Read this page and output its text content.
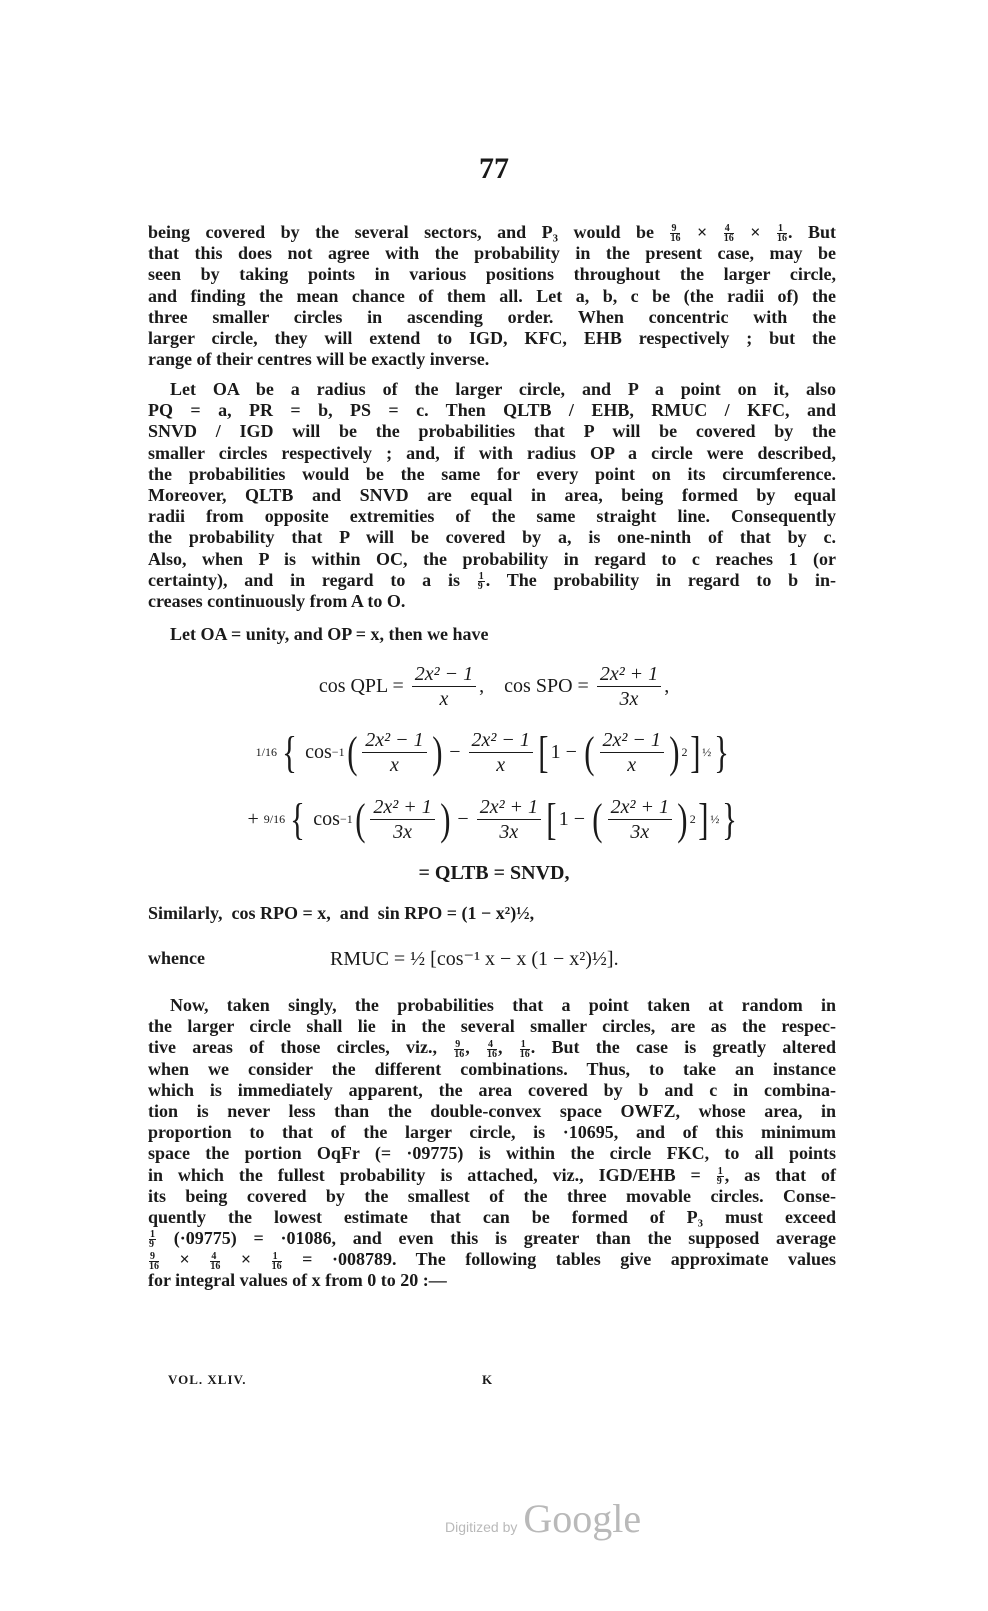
77
being covered by the several sectors, and P₃ would be $\frac{9}{16} \times \frac{4}{16} \times \frac{1}{16}$ . But
that this does not agree with the probability in the present case, may be
seen by taking points in various positions throughout the larger circle,
and finding the mean chance of them all. Let a, b, c be (the radii of) the
three smaller circles in ascending order. When concentric with the
larger circle, they will extend to IGD, KFC, EHB respectively ; but the
range of their centres will be exactly inverse.
Let OA be a radius of the larger circle, and P a point on it, also
PQ = a, PR = b, PS = c. Then QLTB / EHB, RMUC / KFC, and
SNVD / IGD will be the probabilities that P will be covered by the
smaller circles respectively ; and, if with radius OP a circle were described,
the probabilities would be the same for every point on its circumference.
Moreover, QLTB and SNVD are equal in area, being formed by equal
radii from opposite extremities of the same straight line. Consequently
the probability that P will be covered by a, is one-ninth of that by c.
Also, when P is within OC, the probability in regard to c reaches 1 (or
certainty), and in regard to a is $\frac{1}{9}$ . The probability in regard to b in-
creases continuously from A to O.
Let OA = unity, and OP = x, then we have
cos QPL = $\frac{\text{2x² − 1}}{x}$ ,    cos SPO = $\frac{\text{2x² + 1}}{3x}$ ,
1/16 { cos −1 ( $\frac{\text{2x² − 1}}{x}$ ) − $\frac{\text{2x² − 1}}{x}$ [ 1 − ( $\frac{\text{2x² − 1}}{x}$ ) 2 ] ½ }
+ 9/16 { cos −1 ( $\frac{\text{2x² + 1}}{3x}$ ) − $\frac{\text{2x² + 1}}{3x}$ [ 1 − ( $\frac{\text{2x² + 1}}{3x}$ ) 2 ] ½ }
= QLTB = SNVD,
Similarly,  cos RPO = x,  and  sin RPO = (1 − x²)½,
whence	RMUC = ½ [cos⁻¹ x − x (1 − x²)½].
Now, taken singly, the probabilities that a point taken at random in
the larger circle shall lie in the several smaller circles, are as the respec-
tive areas of those circles, viz., $\frac{9}{16}$ , $\frac{4}{16}$ , $\frac{1}{16}$ . But the case is greatly altered
when we consider the different combinations. Thus, to take an instance
which is immediately apparent, the area covered by b and c in combina-
tion is never less than the double-convex space OWFZ, whose area, in
proportion to that of the larger circle, is ·10695, and of this minimum
space the portion OqFr (= ·09775) is within the circle FKC, to all points
in which the fullest probability is attached, viz., $IGD/EHB = \frac{1}{9}$ , as that of
its being covered by the smallest of the three movable circles. Conse-
quently the lowest estimate that can be formed of P₃ must exceed
$\frac{1}{9} (\cdot 09775) = \cdot 01086$, and even this is greater than the supposed average
$\frac{9}{16} \times \frac{4}{16} \times \frac{1}{16} = \cdot 008789$. The following tables give approximate values
for integral values of x from 0 to 20 :—
VOL. XLIV.	K
Digitized by Google
